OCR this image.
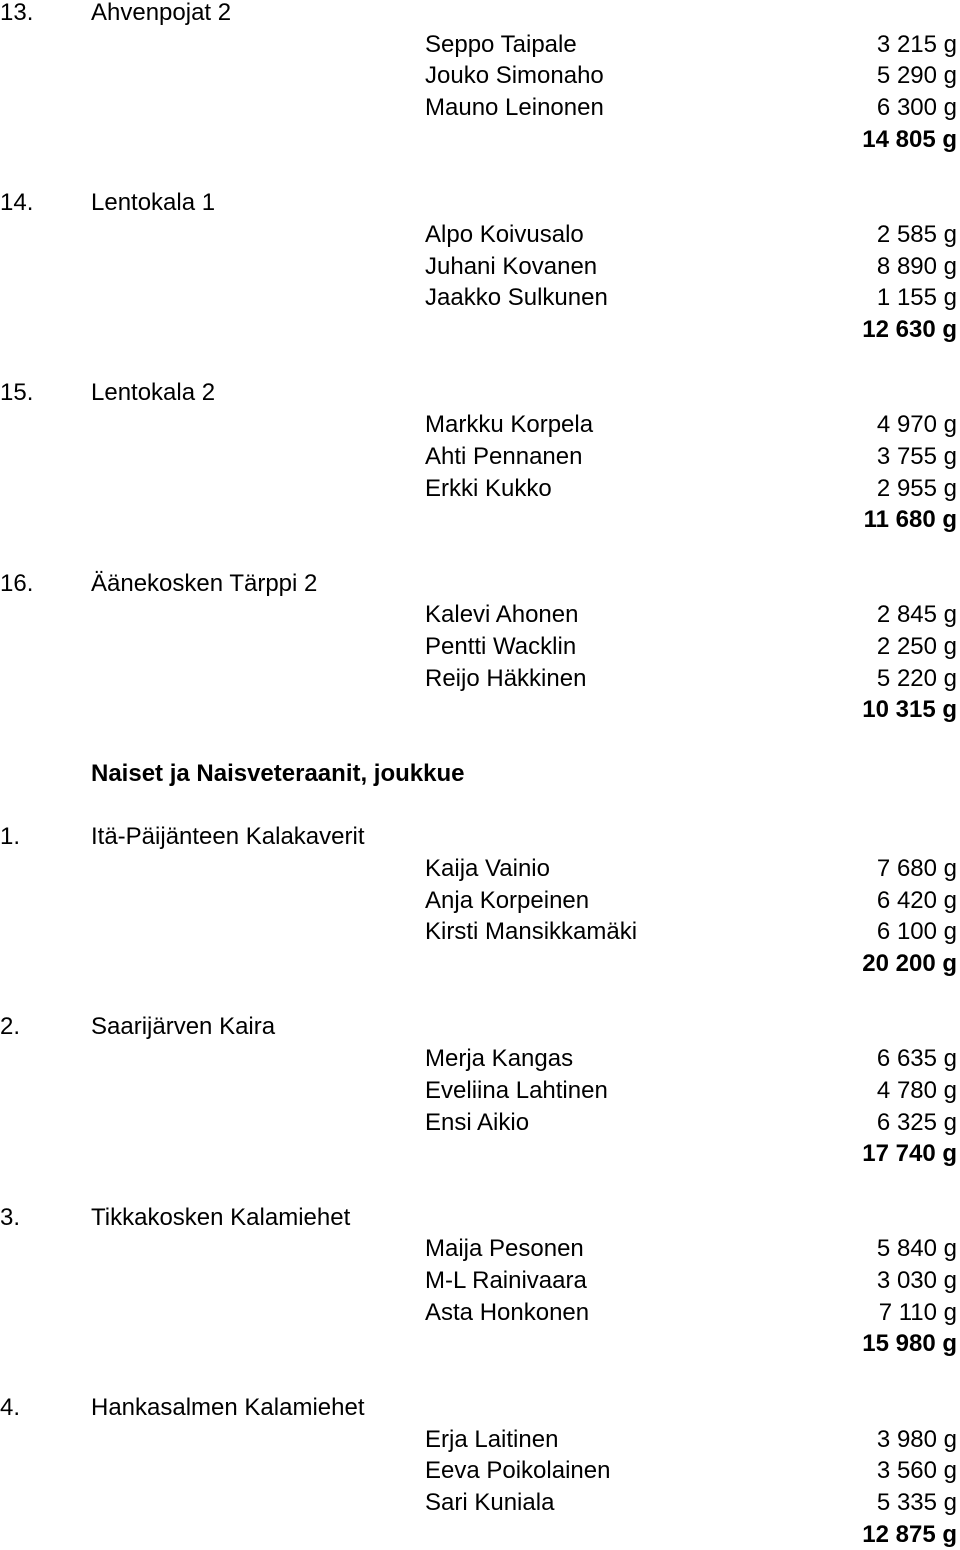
13. Ahvenpojat 2
Seppo Taipale	3 215 g
Jouko Simonaho	5 290 g
Mauno Leinonen	6 300 g
14 805 g
14. Lentokala 1
Alpo Koivusalo	2 585 g
Juhani Kovanen	8 890 g
Jaakko Sulkunen	1 155 g
12 630 g
15. Lentokala 2
Markku Korpela	4 970 g
Ahti Pennanen	3 755 g
Erkki Kukko	2 955 g
11 680 g
16. Äänekosken Tärppi 2
Kalevi Ahonen	2 845 g
Pentti Wacklin	2 250 g
Reijo Häkkinen	5 220 g
10 315 g
Naiset ja Naisveteraanit, joukkue
1.	Itä-Päijänteen Kalakaverit
Kaija Vainio	7 680 g
Anja Korpeinen	6 420 g
Kirsti Mansikkamäki	6 100 g
20 200 g
2.	Saarijärven Kaira
Merja Kangas	6 635 g
Eveliina Lahtinen	4 780 g
Ensi Aikio	6 325 g
17 740 g
3.	Tikkakosken Kalamiehet
Maija Pesonen	5 840 g
M-L Rainivaara	3 030 g
Asta Honkonen	7 110 g
15 980 g
4.	Hankasalmen Kalamiehet
Erja Laitinen	3 980 g
Eeva Poikolainen	3 560 g
Sari Kuniala	5 335 g
12 875 g
